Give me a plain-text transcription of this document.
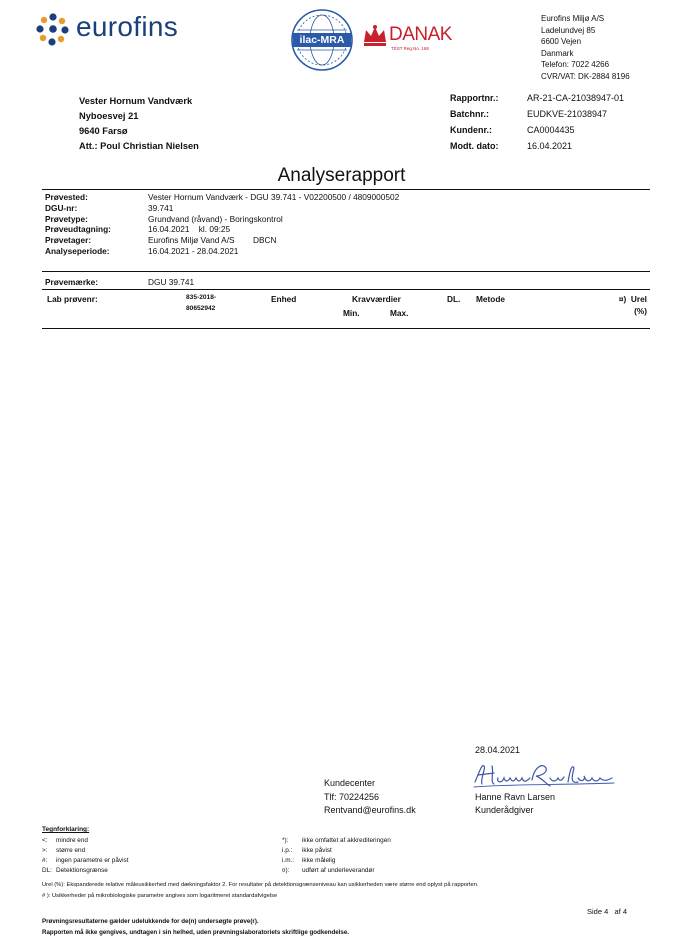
eurofins	ilac-MRA DANAK
TEST Reg.No. 168
Eurofins Miljø A/S
Ladelundvej 85
6600 Vejen
Danmark
Telefon: 7022 4266
CVR/VAT: DK-2884 8196
Vester Hornum Vandværk
Nyboesvej 21
9640 Farsø
Att.: Poul Christian Nielsen
Rapportnr.:	AR-21-CA-21038947-01
Batchnr.:	EUDKVE-21038947
Kundenr.:	CA0004435
Modt. dato:	16.04.2021
Analyserapport
Prøvested:	Vester Hornum Vandværk - DGU 39.741 - V02200500 / 4809000502
DGU-nr:	39.741
Prøvetype:	Grundvand (råvand) - Boringskontrol
Prøveudtagning:	16.04.2021    kl. 09:25
Prøvetager:	Eurofins Miljø Vand A/S        DBCN
Analyseperiode:	16.04.2021 - 28.04.2021
Prøvemærke:	DGU 39.741
Lab prøvenr:	835-2018-
80652942
Enhed	Kravværdier
Min.	Max.
DL. Metode	¤)  Urel
(%)
28.04.2021
Hanne Ravn Larsen
Kunderådgiver
Kundecenter
Tlf: 70224256
Rentvand@eurofins.dk
Tegnforklaring:
<: mindre end
>: større end
#: ingen parametre er påvist
DL: Detektionsgrænse
*): ikke omfattet af akkrediteringen
i.p.: ikke påvist
i.m.: ikke målelig
¤): udført af underleverandør
Urel (%): Ekspanderede relative måleusikkerhed med dækningsfaktor 2. For resultater på detektionsgrænseniveau kan usikkerheden være større end oplyst på rapporten.
# ): Usikkerheder på mikrobiologiske parametre angives som logaritmeret standardafvigelse
Side 4   af 4
Prøvningsresultaterne gælder udelukkende for de(n) undersøgte prøve(r).
Rapporten må ikke gengives, undtagen i sin helhed, uden prøvningslaboratoriets skriftlige godkendelse.
